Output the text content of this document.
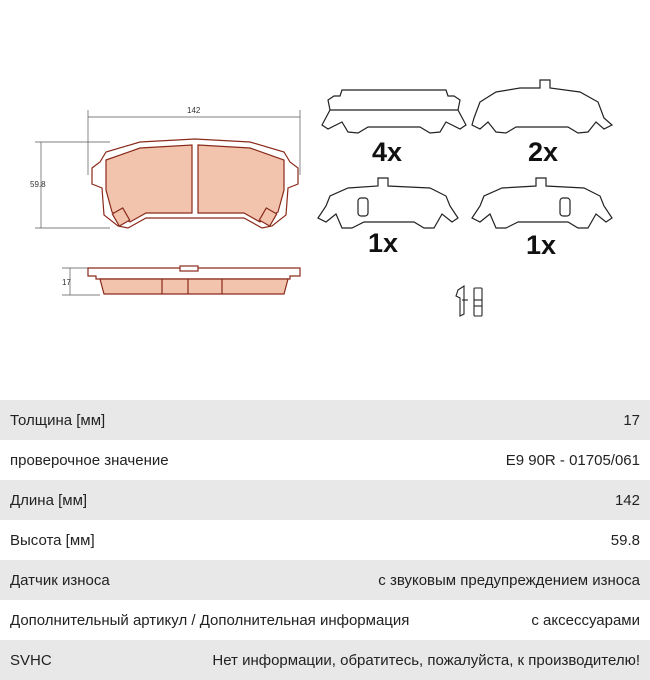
142
59.8
17
4x	2x
1x	1x
Толщина [мм]	17
проверочное значение	E9 90R - 01705/061
Длина [мм]	142
Высота [мм]	59.8
Датчик износа	с звуковым предупреждением износа
Дополнительный артикул / Дополнительная информация	с аксессуарами
SVHC	Нет информации, обратитесь, пожалуйста, к производителю!
